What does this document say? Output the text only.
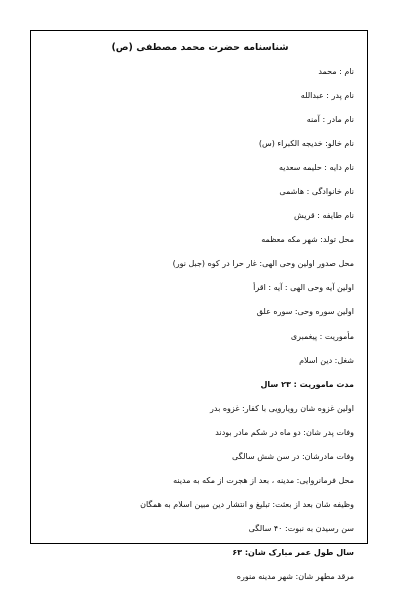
شناسنامه حضرت محمد مصطفی (ص)
نام : محمد
نام پدر : عبدالله
نام مادر : آمنه
نام خالو: خدیجه الکبراء (س)
نام دایه : حلیمه سعدیه
نام خانوادگی : هاشمی
نام طایفه : قریش
محل تولد: شهر مکه معظمه
محل صدور اولین وحی الهی: غار حرا در کوه (جبل نور)
اولین آیه وحی الهی : آیه : اقرأ
اولین سوره وحی: سوره علق
مأموریت : پیغمبری
شغل: دین اسلام
مدت ماموریت : ۲۳ سال
اولین غزوه شان رویارویی با کفار: غزوه بدر
وفات پدر شان: دو ماه در شکم مادر بودند
وفات مادرشان: در سن شش سالگی
محل فرمانروایی: مدینه ، بعد از هجرت از مکه به مدینه
وظیفه شان بعد از بعثت: تبلیغ و انتشار دین مبین اسلام به همگان
سن رسیدن به نبوت: ۴۰ سالگی
سال طول عمر مبارک شان: ۶۳
مرقد مطهر شان: شهر مدینه منوره
